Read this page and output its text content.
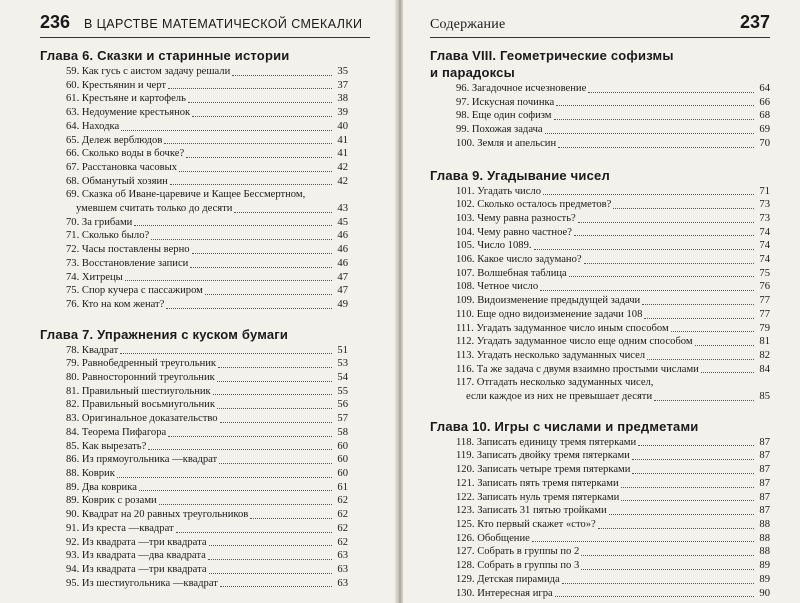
236 В ЦАРСТВЕ МАТЕМАТИЧЕСКОЙ СМЕКАЛКИ
Глава 6. Сказки и старинные истории
59. Как гусь с аистом задачу решали	35
60. Крестьянин и черт	37
61. Крестьяне и картофель	38
63. Недоумение крестьянок	39
64. Находка	40
65. Дележ верблюдов	41
66. Сколько воды в бочке?	41
67. Расстановка часовых	42
68. Обманутый хозяин	42
69. Сказка об Иване-царевиче и Кащее Бессмертном,
умевшем считать только до десяти	43
70. За грибами	45
71. Сколько было?	46
72. Часы поставлены верно	46
73. Восстановление записи	46
74. Хитрецы	47
75. Спор кучера с пассажиром	47
76. Кто на ком женат?	49
Глава 7. Упражнения с куском бумаги
78. Квадрат	51
79. Равнобедренный треугольник	53
80. Равносторонний треугольник	54
81. Правильный шестиугольник	55
82. Правильный восьмиугольник	56
83. Оригинальное доказательство	57
84. Теорема Пифагора	58
85. Как вырезать?	60
86. Из прямоугольника —квадрат	60
88. Коврик	60
89. Два коврика	61
89. Коврик с розами	62
90. Квадрат на 20 равных треугольников	62
91. Из креста —квадрат	62
92. Из квадрата —три квадрата	62
93. Из квадрата —два квадрата	63
94. Из квадрата —три квадрата	63
95. Из шестиугольника —квадрат	63
Содержание	237
Глава VIII. Геометрические софизмы
и парадоксы
96. Загадочное исчезновение	64
97. Искусная починка	66
98. Еще один софизм	68
99. Похожая задача	69
100. Земля и апельсин	70
Глава 9. Угадывание чисел
101. Угадать число	71
102. Сколько осталось предметов?	73
103. Чему равна разность?	73
104. Чему равно частное?	74
105. Число 1089.	74
106. Какое число задумано?	74
107. Волшебная таблица	75
108. Четное число	76
109. Видоизменение предыдущей задачи	77
110. Еще одно видоизменение задачи 108	77
111. Угадать задуманное число иным способом	79
112. Угадать задуманное число еще одним способом	81
113. Угадать несколько задуманных чисел	82
116. Та же задача с двумя взаимно простыми числами	84
117. Отгадать несколько задуманных чисел,
если каждое из них не превышает десяти	85
Глава 10. Игры с числами и предметами
118. Записать единицу тремя пятерками	87
119. Записать двойку тремя пятерками	87
120. Записать четыре тремя пятерками	87
121. Записать пять тремя пятерками	87
122. Записать нуль тремя пятерками	87
123. Записать 31 пятью тройками	87
125. Кто первый скажет «сто»?	88
126. Обобщение	88
127. Собрать в группы по 2	88
128. Собрать в группы по 3	89
129. Детская пирамида	89
130. Интересная игра	90
